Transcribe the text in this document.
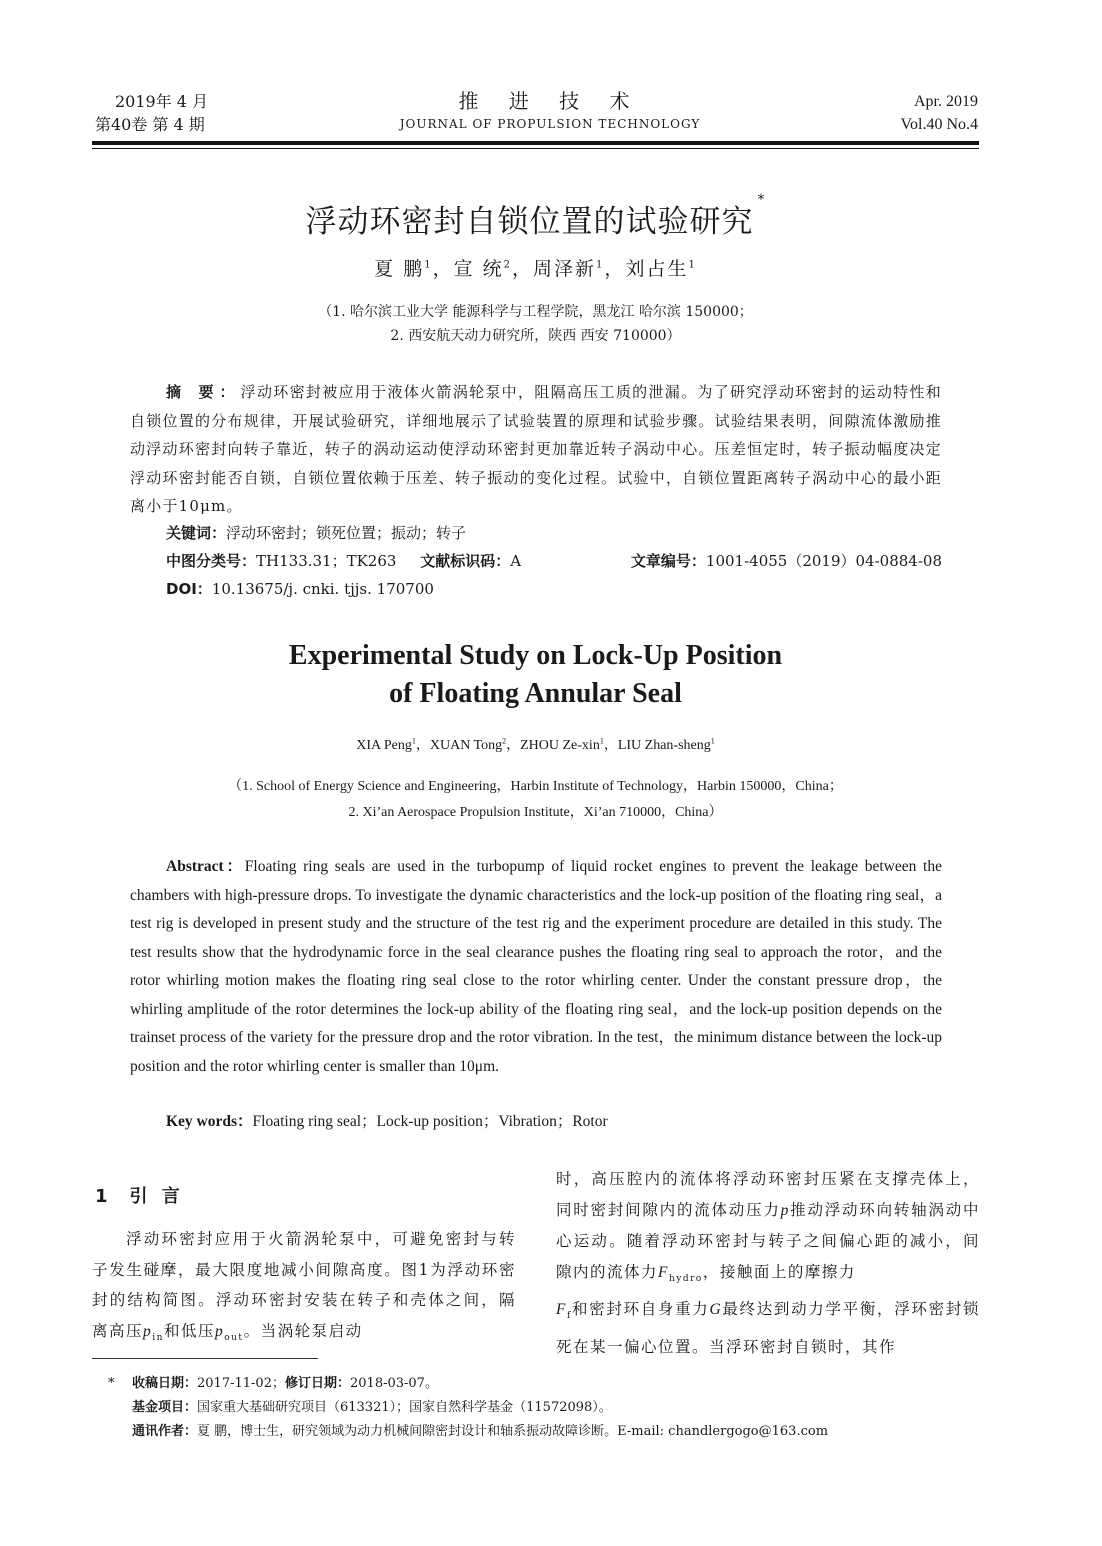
2019年 4 月
第40卷 第 4 期
推 进 技 术
JOURNAL OF PROPULSION TECHNOLOGY
Apr. 2019
Vol.40 No.4
浮动环密封自锁位置的试验研究*
夏 鹏$^1$，宣 统$^2$，周泽新$^1$，刘占生$^1$
（1. 哈尔滨工业大学 能源科学与工程学院，黑龙江 哈尔滨 150000；
2. 西安航天动力研究所，陕西 西安 710000）
摘 要：浮动环密封被应用于液体火箭涡轮泵中，阻隔高压工质的泄漏。为了研究浮动环密封的运动特性和自锁位置的分布规律，开展试验研究，详细地展示了试验装置的原理和试验步骤。试验结果表明，间隙流体激励推动浮动环密封向转子靠近，转子的涡动运动使浮动环密封更加靠近转子涡动中心。压差恒定时，转子振动幅度决定浮动环密封能否自锁，自锁位置依赖于压差、转子振动的变化过程。试验中，自锁位置距离转子涡动中心的最小距离小于10μm。
关键词：浮动环密封；锁死位置；振动；转子
中图分类号：TH133.31；TK263 文献标识码：A	文章编号：1001-4055（2019）04-0884-08
DOI：10.13675/j. cnki. tjjs. 170700
Experimental Study on Lock-Up Position
of Floating Annular Seal
XIA Peng$^1$，XUAN Tong$^2$，ZHOU Ze-xin$^1$，LIU Zhan-sheng$^1$
（1. School of Energy Science and Engineering，Harbin Institute of Technology，Harbin 150000，China；
2. Xi’an Aerospace Propulsion Institute，Xi’an 710000，China）
Abstract：Floating ring seals are used in the turbopump of liquid rocket engines to prevent the leakage between the chambers with high-pressure drops. To investigate the dynamic characteristics and the lock-up position of the floating ring seal，a test rig is developed in present study and the structure of the test rig and the experiment procedure are detailed in this study. The test results show that the hydrodynamic force in the seal clearance pushes the floating ring seal to approach the rotor，and the rotor whirling motion makes the floating ring seal close to the rotor whirling center. Under the constant pressure drop，the whirling amplitude of the rotor determines the lock-up ability of the floating ring seal，and the lock-up position depends on the trainset process of the variety for the pressure drop and the rotor vibration. In the test，the minimum distance between the lock-up position and the rotor whirling center is smaller than 10μm.
Key words：Floating ring seal；Lock-up position；Vibration；Rotor
1 引 言
浮动环密封应用于火箭涡轮泵中，可避免密封与转子发生碰摩，最大限度地减小间隙高度。图1为浮动环密封的结构简图。浮动环密封安装在转子和壳体之间，隔离高压$p_{in}$和低压$p_{out}$。当涡轮泵启动
时，高压腔内的流体将浮动环密封压紧在支撑壳体上，同时密封间隙内的流体动压力p推动浮动环向转轴涡动中心运动。随着浮动环密封与转子之间偏心距的减小，间隙内的流体力$F_{hydro}$，接触面上的摩擦力
$F_f$和密封环自身重力G最终达到动力学平衡，浮环密封锁死在某一偏心位置。当浮环密封自锁时，其作
* 收稿日期：2017-11-02；修订日期：2018-03-07。
基金项目：国家重大基础研究项目（613321）；国家自然科学基金（11572098）。
通讯作者：夏 鹏，博士生，研究领域为动力机械间隙密封设计和轴系振动故障诊断。E-mail: chandlergogo@163.com
